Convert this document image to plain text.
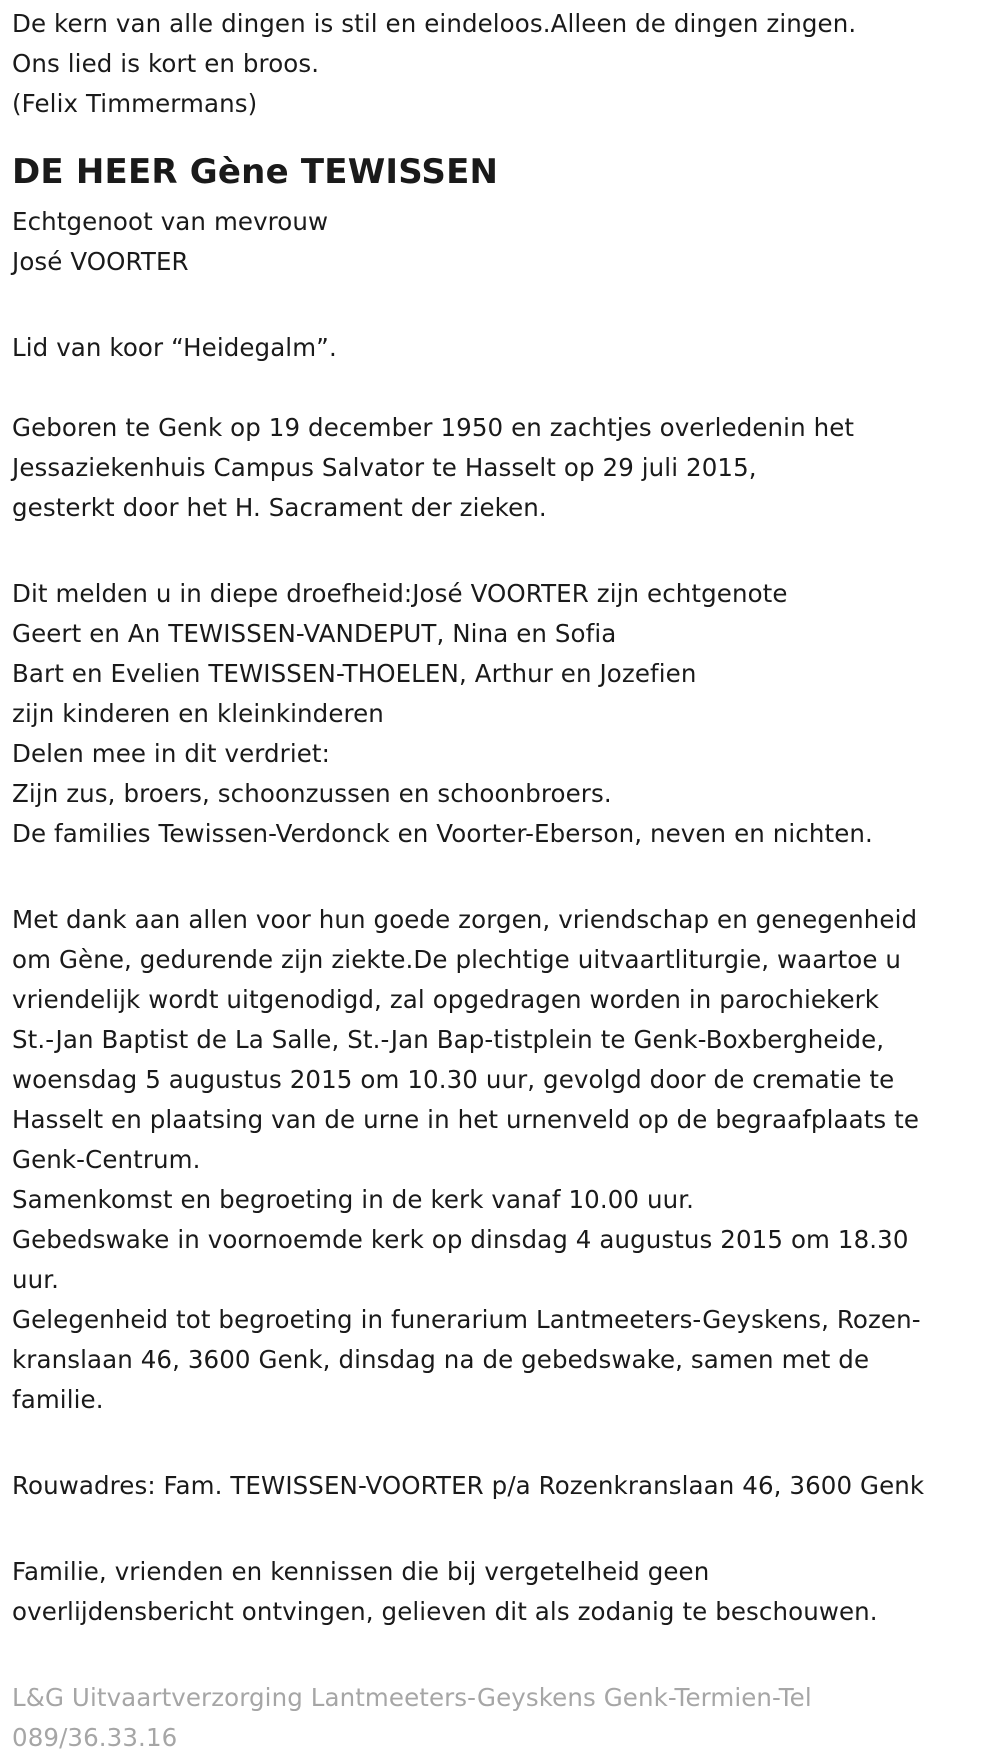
De kern van alle dingen is stil en eindeloos.Alleen de dingen zingen.
Ons lied is kort en broos.
(Felix Timmermans)
DE HEER Gène TEWISSEN
Echtgenoot van mevrouw
José VOORTER
Lid van koor “Heidegalm”.
Geboren te Genk op 19 december 1950 en zachtjes overledenin het
Jessaziekenhuis Campus Salvator te Hasselt op 29 juli 2015,
gesterkt door het H. Sacrament der zieken.
Dit melden u in diepe droefheid:José VOORTER zijn echtgenote
Geert en An TEWISSEN-VANDEPUT, Nina en Sofia
Bart en Evelien TEWISSEN-THOELEN, Arthur en Jozefien
zijn kinderen en kleinkinderen
Delen mee in dit verdriet:
Zijn zus, broers, schoonzussen en schoonbroers.
De families Tewissen-Verdonck en Voorter-Eberson, neven en nichten.
Met dank aan allen voor hun goede zorgen, vriendschap en genegenheid
om Gène, gedurende zijn ziekte.De plechtige uitvaartliturgie, waartoe u
vriendelijk wordt uitgenodigd, zal opgedragen worden in parochiekerk
St.-Jan Baptist de La Salle, St.-Jan Bap-tistplein te Genk-Boxbergheide,
woensdag 5 augustus 2015 om 10.30 uur, gevolgd door de crematie te
Hasselt en plaatsing van de urne in het urnenveld op de begraafplaats te
Genk-Centrum.
Samenkomst en begroeting in de kerk vanaf 10.00 uur.
Gebedswake in voornoemde kerk op dinsdag 4 augustus 2015 om 18.30
uur.
Gelegenheid tot begroeting in funerarium Lantmeeters-Geyskens, Rozen-
kranslaan 46, 3600 Genk, dinsdag na de gebedswake, samen met de
familie.
Rouwadres: Fam. TEWISSEN-VOORTER p/a Rozenkranslaan 46, 3600 Genk
Familie, vrienden en kennissen die bij vergetelheid geen
overlijdensbericht ontvingen, gelieven dit als zodanig te beschouwen.
L&G Uitvaartverzorging Lantmeeters-Geyskens Genk-Termien-Tel
089/36.33.16
